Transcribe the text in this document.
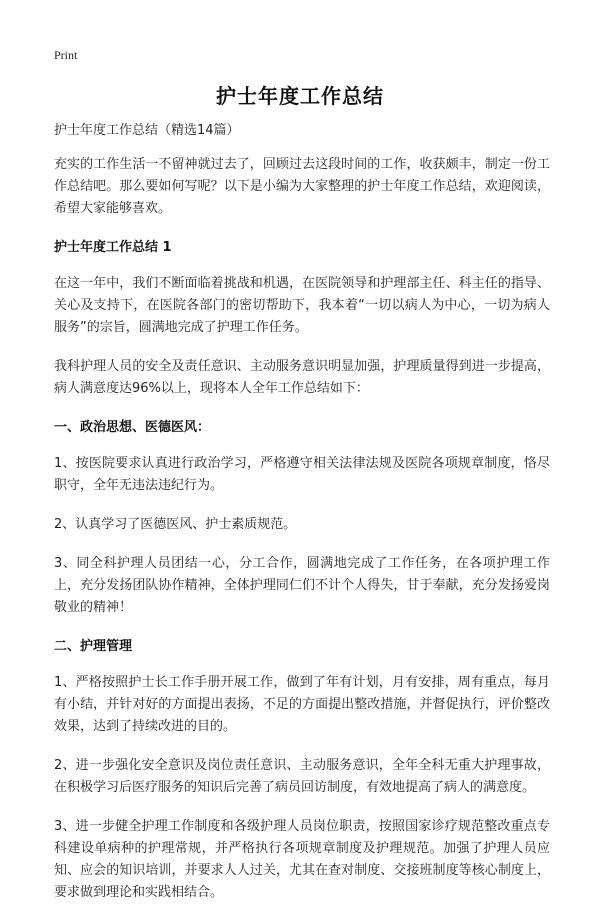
Print
护士年度工作总结

护士年度工作总结（精选14篇）

充实的工作生活一不留神就过去了，回顾过去这段时间的工作，收获颇丰，制定一份工作总结吧。那么要如何写呢？以下是小编为大家整理的护士年度工作总结，欢迎阅读，希望大家能够喜欢。

护士年度工作总结 1

在这一年中，我们不断面临着挑战和机遇，在医院领导和护理部主任、科主任的指导、关心及支持下，在医院各部门的密切帮助下，我本着“一切以病人为中心，一切为病人服务”的宗旨，圆满地完成了护理工作任务。

我科护理人员的安全及责任意识、主动服务意识明显加强，护理质量得到进一步提高，病人满意度达96%以上，现将本人全年工作总结如下：

一、政治思想、医德医风：

1、按医院要求认真进行政治学习，严格遵守相关法律法规及医院各项规章制度，恪尽职守，全年无违法违纪行为。

2、认真学习了医德医风、护士素质规范。

3、同全科护理人员团结一心，分工合作，圆满地完成了工作任务，在各项护理工作上，充分发扬团队协作精神，全体护理同仁们不计个人得失，甘于奉献，充分发扬爱岗敬业的精神！

二、护理管理

1、严格按照护士长工作手册开展工作，做到了年有计划，月有安排，周有重点，每月有小结，并针对好的方面提出表扬，不足的方面提出整改措施，并督促执行，评价整改效果，达到了持续改进的目的。

2、进一步强化安全意识及岗位责任意识、主动服务意识，全年全科无重大护理事故，在积极学习后医疗服务的知识后完善了病员回访制度，有效地提高了病人的满意度。

3、进一步健全护理工作制度和各级护理人员岗位职责，按照国家诊疗规范整改重点专科建设单病种的护理常规，并严格执行各项规章制度及护理规范。加强了护理人员应知、应会的知识培训，并要求人人过关，尤其在查对制度、交接班制度等核心制度上，要求做到理论和实践相结合。
